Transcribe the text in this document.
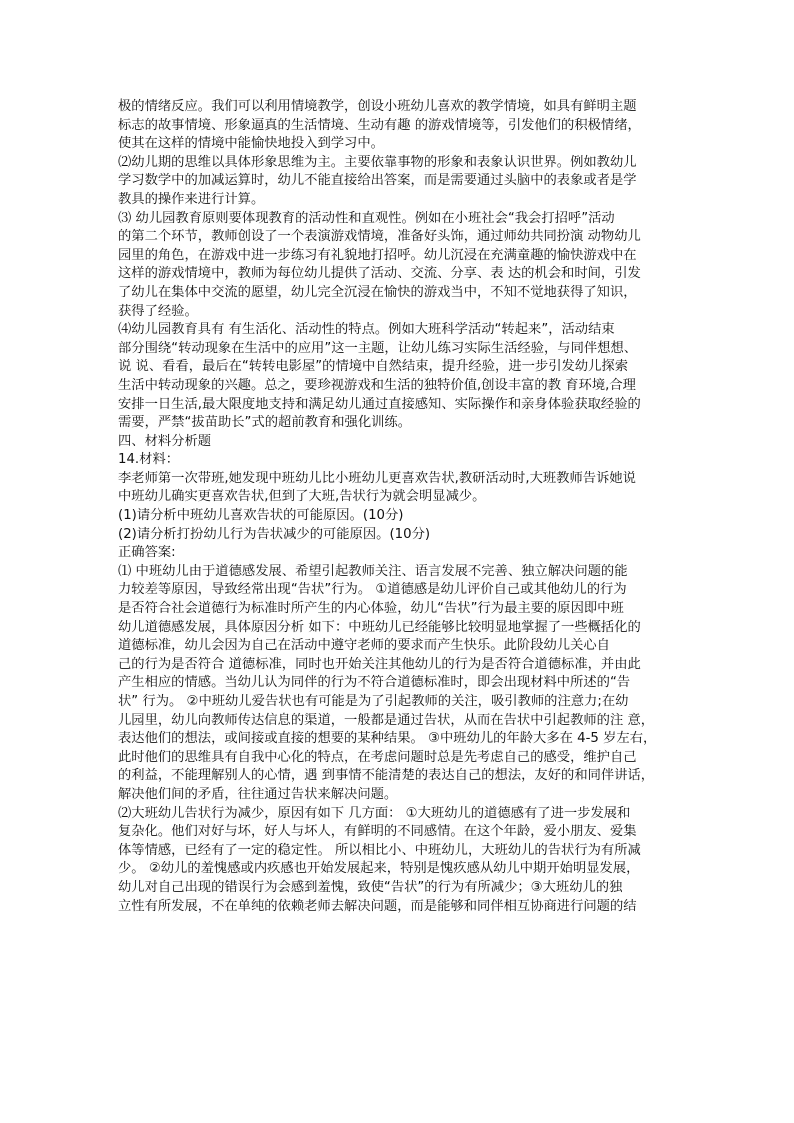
极的情绪反应。我们可以利用情境教学，创设小班幼儿喜欢的教学情境，如具有鲜明主题
标志的故事情境、形象逼真的生活情境、生动有趣 的游戏情境等，引发他们的积极情绪，
使其在这样的情境中能愉快地投入到学习中。
⑵幼儿期的思维以具体形象思维为主。主要依靠事物的形象和表象认识世界。例如教幼儿
学习数学中的加减运算时，幼儿不能直接给出答案，而是需要通过头脑中的表象或者是学
教具的操作来进行计算。
⑶ 幼儿园教育原则要体现教育的活动性和直观性。例如在小班社会“我会打招呼”活动
的第二个环节，教师创设了一个表演游戏情境，准备好头饰，通过师幼共同扮演 动物幼儿
园里的角色，在游戏中进一步练习有礼貌地打招呼。幼儿沉浸在充满童趣的愉快游戏中在
这样的游戏情境中，教师为每位幼儿提供了活动、交流、分享、表 达的机会和时间，引发
了幼儿在集体中交流的愿望，幼儿完全沉浸在愉快的游戏当中，不知不觉地获得了知识，
获得了经验。
⑷幼儿园教育具有 有生活化、活动性的特点。例如大班科学活动“转起来”，活动结束
部分围绕“转动现象在生活中的应用”这一主题，让幼儿练习实际生活经验，与同伴想想、
说 说、看看，最后在“转转电影屋”的情境中自然结束，提升经验，进一步引发幼儿探索
生活中转动现象的兴趣。总之，要珍视游戏和生活的独特价值,创设丰富的教 育环境,合理
安排一日生活,最大限度地支持和满足幼儿通过直接感知、实际操作和亲身体验获取经验的
需要，严禁“拔苗助长”式的超前教育和强化训练。
四、材料分析题
14.材料：
李老师第一次带班,她发现中班幼儿比小班幼儿更喜欢告状,教研活动时,大班教师告诉她说
中班幼儿确实更喜欢告状,但到了大班,告状行为就会明显减少。
(1)请分析中班幼儿喜欢告状的可能原因。(10分)
(2)请分析打扮幼儿行为告状减少的可能原因。(10分)
正确答案:
⑴ 中班幼儿由于道德感发展、希望引起教师关注、语言发展不完善、独立解决问题的能
力较差等原因，导致经常出现“告状”行为。 ①道德感是幼儿评价自己或其他幼儿的行为
是否符合社会道德行为标准时所产生的内心体验，幼儿“告状”行为最主要的原因即中班
幼儿道德感发展，具体原因分析 如下：中班幼儿已经能够比较明显地掌握了一些概括化的
道德标准，幼儿会因为自己在活动中遵守老师的要求而产生快乐。此阶段幼儿关心自
己的行为是否符合 道德标准，同时也开始关注其他幼儿的行为是否符合道德标准，并由此
产生相应的情感。当幼儿认为同伴的行为不符合道德标准时，即会出现材料中所述的“告
状” 行为。 ②中班幼儿爱告状也有可能是为了引起教师的关注，吸引教师的注意力;在幼
儿园里，幼儿向教师传达信息的渠道，一般都是通过告状，从而在告状中引起教师的注 意，
表达他们的想法，或间接或直接的想要的某种结果。 ③中班幼儿的年龄大多在 4-5 岁左右，
此时他们的思维具有自我中心化的特点，在考虑问题时总是先考虑自己的感受，维护自己
的利益，不能理解别人的心情，遇 到事情不能清楚的表达自己的想法，友好的和同伴讲话，
解决他们间的矛盾，往往通过告状来解决问题。
⑵大班幼儿告状行为减少，原因有如下 几方面： ①大班幼儿的道德感有了进一步发展和
复杂化。他们对好与坏，好人与坏人，有鲜明的不同感情。在这个年龄，爱小朋友、爱集
体等情感，已经有了一定的稳定性。 所以相比小、中班幼儿，大班幼儿的告状行为有所减
少。 ②幼儿的羞愧感或内疚感也开始发展起来，特别是愧疚感从幼儿中期开始明显发展，
幼儿对自己出现的错误行为会感到羞愧，致使“告状”的行为有所减少；③大班幼儿的独
立性有所发展，不在单纯的依赖老师去解决问题，而是能够和同伴相互协商进行问题的结
